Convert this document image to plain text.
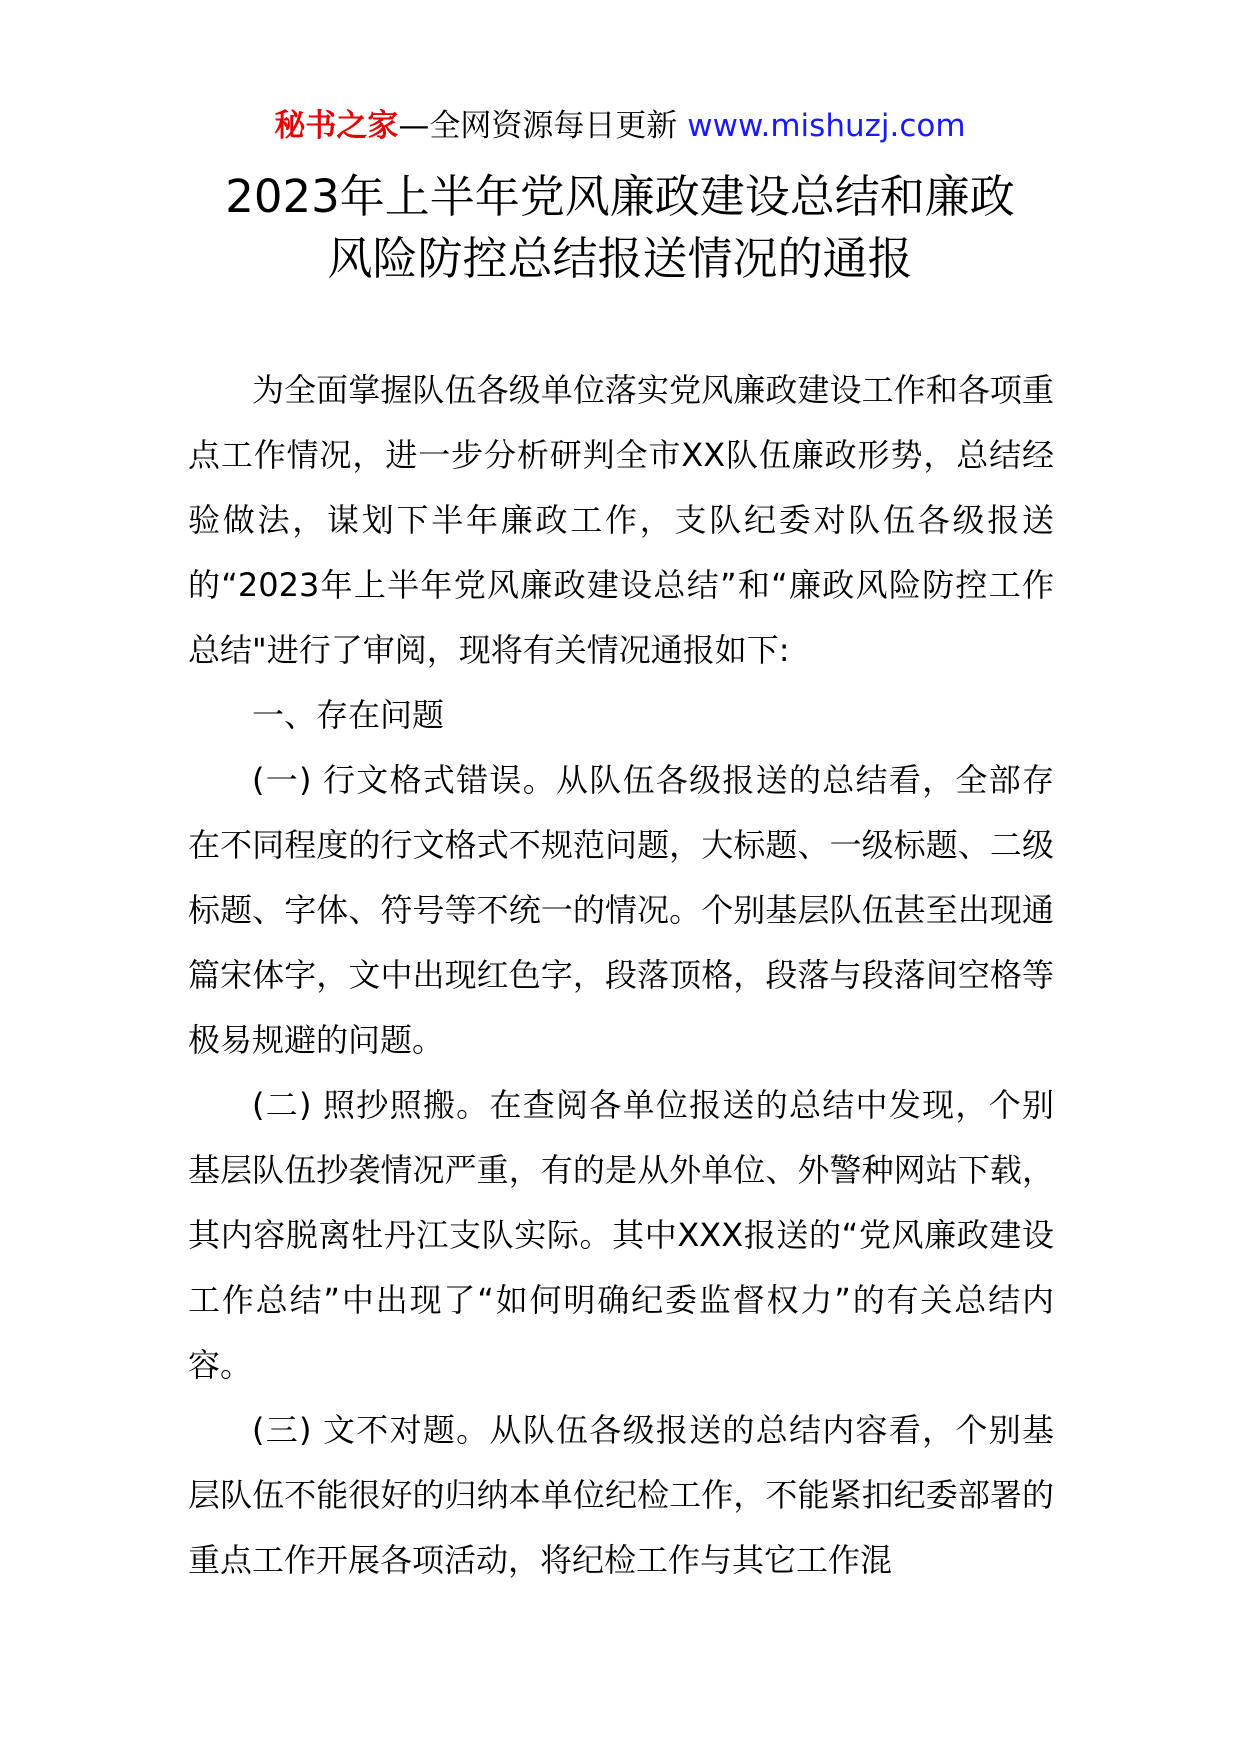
秘书之家—全网资源每日更新 www.mishuzj.com
2023年上半年党风廉政建设总结和廉政
风险防控总结报送情况的通报

为全面掌握队伍各级单位落实党风廉政建设工作和各项重点工作情况，进一步分析研判全市XX队伍廉政形势，总结经验做法，谋划下半年廉政工作，支队纪委对队伍各级报送的“2023年上半年党风廉政建设总结”和“廉政风险防控工作总结"进行了审阅，现将有关情况通报如下:

一、存在问题

(一) 行文格式错误。从队伍各级报送的总结看，全部存在不同程度的行文格式不规范问题，大标题、一级标题、二级标题、字体、符号等不统一的情况。个别基层队伍甚至出现通篇宋体字，文中出现红色字，段落顶格，段落与段落间空格等极易规避的问题。

(二) 照抄照搬。在查阅各单位报送的总结中发现，个别基层队伍抄袭情况严重，有的是从外单位、外警种网站下载，其内容脱离牡丹江支队实际。其中XXX报送的“党风廉政建设工作总结”中出现了“如何明确纪委监督权力”的有关总结内容。

(三) 文不对题。从队伍各级报送的总结内容看，个别基层队伍不能很好的归纳本单位纪检工作，不能紧扣纪委部署的重点工作开展各项活动，将纪检工作与其它工作混
